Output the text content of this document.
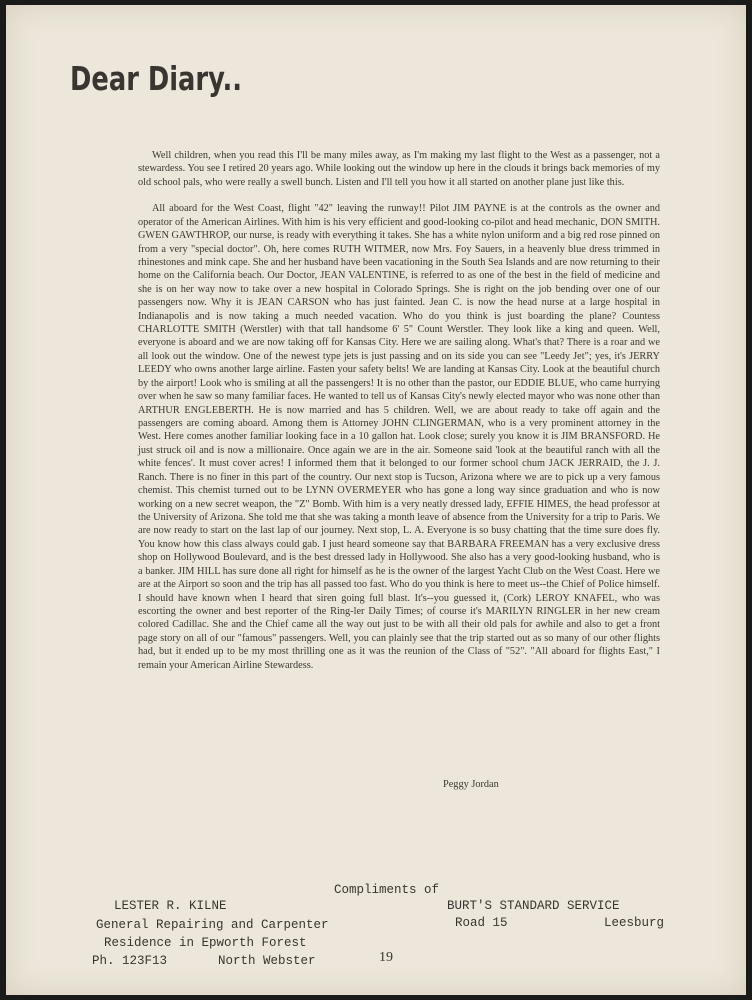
Dear Diary..

Well children, when you read this I'll be many miles away, as I'm making my last flight to the West as a passenger, not a stewardess. You see I retired 20 years ago. While looking out the window up here in the clouds it brings back memories of my old school pals, who were really a swell bunch. Listen and I'll tell you how it all started on another plane just like this.

All aboard for the West Coast, flight "42" leaving the runway!! Pilot JIM PAYNE is at the controls as the owner and operator of the American Airlines. With him is his very efficient and good-looking co-pilot and head mechanic, DON SMITH. GWEN GAWTHROP, our nurse, is ready with everything it takes. She has a white nylon uniform and a big red rose pinned on from a very "special doctor". Oh, here comes RUTH WITMER, now Mrs. Foy Sauers, in a heavenly blue dress trimmed in rhinestones and mink cape. She and her husband have been vacationing in the South Sea Islands and are now returning to their home on the California beach. Our Doctor, JEAN VALENTINE, is referred to as one of the best in the field of medicine and she is on her way now to take over a new hospital in Colorado Springs. She is right on the job bending over one of our passengers now. Why it is JEAN CARSON who has just fainted. Jean C. is now the head nurse at a large hospital in Indianapolis and is now taking a much needed vacation. Who do you think is just boarding the plane? Countess CHARLOTTE SMITH (Werstler) with that tall handsome 6' 5" Count Werstler. They look like a king and queen. Well, everyone is aboard and we are now taking off for Kansas City. Here we are sailing along. What's that? There is a roar and we all look out the window. One of the newest type jets is just passing and on its side you can see "Leedy Jet"; yes, it's JERRY LEEDY who owns another large airline. Fasten your safety belts! We are landing at Kansas City. Look at the beautiful church by the airport! Look who is smiling at all the passengers! It is no other than the pastor, our EDDIE BLUE, who came hurrying over when he saw so many familiar faces. He wanted to tell us of Kansas City's newly elected mayor who was none other than ARTHUR ENGLEBERTH. He is now married and has 5 children. Well, we are about ready to take off again and the passengers are coming aboard. Among them is Attorney JOHN CLINGERMAN, who is a very prominent attorney in the West. Here comes another familiar looking face in a 10 gallon hat. Look close; surely you know it is JIM BRANSFORD. He just struck oil and is now a millionaire. Once again we are in the air. Someone said 'look at the beautiful ranch with all the white fences'. It must cover acres! I informed them that it belonged to our former school chum JACK JERRAID, the J. J. Ranch. There is no finer in this part of the country. Our next stop is Tucson, Arizona where we are to pick up a very famous chemist. This chemist turned out to be LYNN OVERMEYER who has gone a long way since graduation and who is now working on a new secret weapon, the "Z" Bomb. With him is a very neatly dressed lady, EFFIE HIMES, the head professor at the University of Arizona. She told me that she was taking a month leave of absence from the University for a trip to Paris. We are now ready to start on the last lap of our journey. Next stop, L. A. Everyone is so busy chatting that the time sure does fly. You know how this class always could gab. I just heard someone say that BARBARA FREEMAN has a very exclusive dress shop on Hollywood Boulevard, and is the best dressed lady in Hollywood. She also has a very good-looking husband, who is a banker. JIM HILL has sure done all right for himself as he is the owner of the largest Yacht Club on the West Coast. Here we are at the Airport so soon and the trip has all passed too fast. Who do you think is here to meet us--the Chief of Police himself. I should have known when I heard that siren going full blast. It's--you guessed it, (Cork) LEROY KNAFEL, who was escorting the owner and best reporter of the Ring-ler Daily Times; of course it's MARILYN RINGLER in her new cream colored Cadillac. She and the Chief came all the way out just to be with all their old pals for awhile and also to get a front page story on all of our "famous" passengers. Well, you can plainly see that the trip started out as so many of our other flights had, but it ended up to be my most thrilling one as it was the reunion of the Class of "52". "All aboard for flights East," I remain your American Airline Stewardess.

Peggy Jordan
Compliments of
LESTER R. KILNE
General Repairing and Carpenter
Residence in Epworth Forest
Ph. 123F13	North Webster
BURT'S STANDARD SERVICE
Road 15	Leesburg
19
